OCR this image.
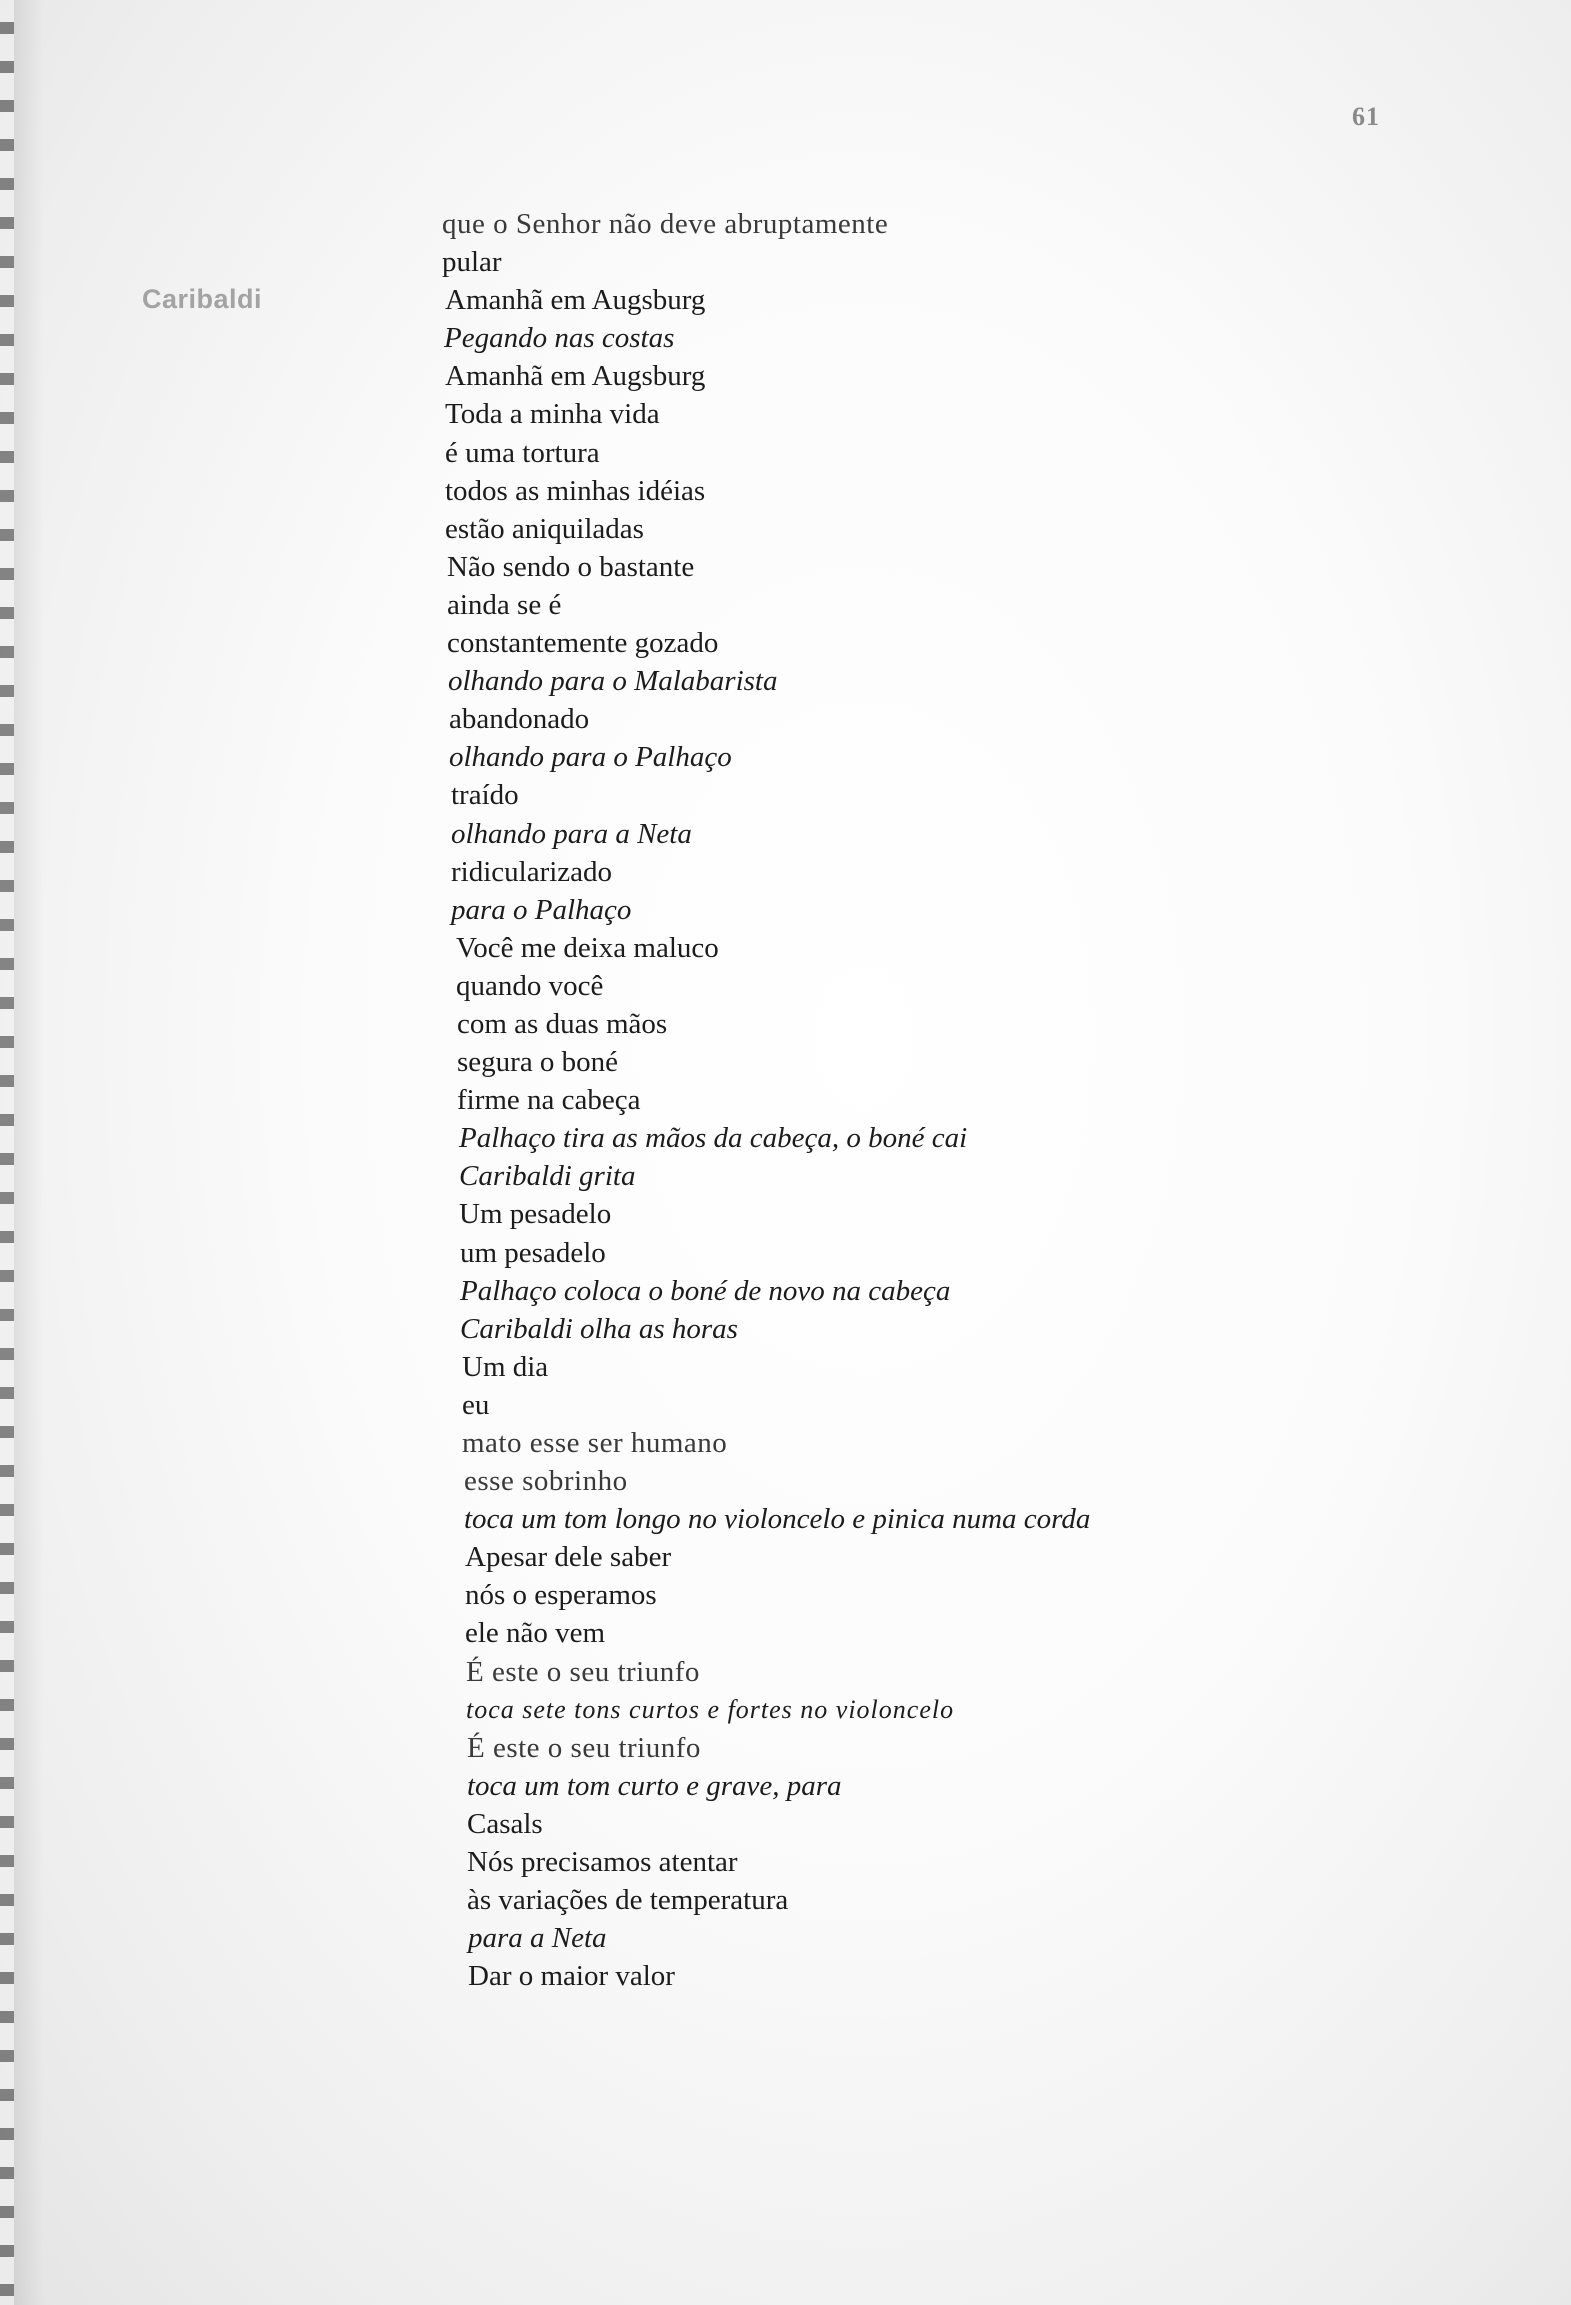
61
Caribaldi
que o Senhor não deve abruptamente
pular
Amanhã em Augsburg
Pegando nas costas
Amanhã em Augsburg
Toda a minha vida
é uma tortura
todos as minhas idéias
estão aniquiladas
Não sendo o bastante
ainda se é
constantemente gozado
olhando para o Malabarista
abandonado
olhando para o Palhaço
traído
olhando para a Neta
ridicularizado
para o Palhaço
Você me deixa maluco
quando você
com as duas mãos
segura o boné
firme na cabeça
Palhaço tira as mãos da cabeça, o boné cai
Caribaldi grita
Um pesadelo
um pesadelo
Palhaço coloca o boné de novo na cabeça
Caribaldi olha as horas
Um dia
eu
mato esse ser humano
esse sobrinho
toca um tom longo no violoncelo e pinica numa corda
Apesar dele saber
nós o esperamos
ele não vem
É este o seu triunfo
toca sete tons curtos e fortes no violoncelo
É este o seu triunfo
toca um tom curto e grave, para
Casals
Nós precisamos atentar
às variações de temperatura
para a Neta
Dar o maior valor
